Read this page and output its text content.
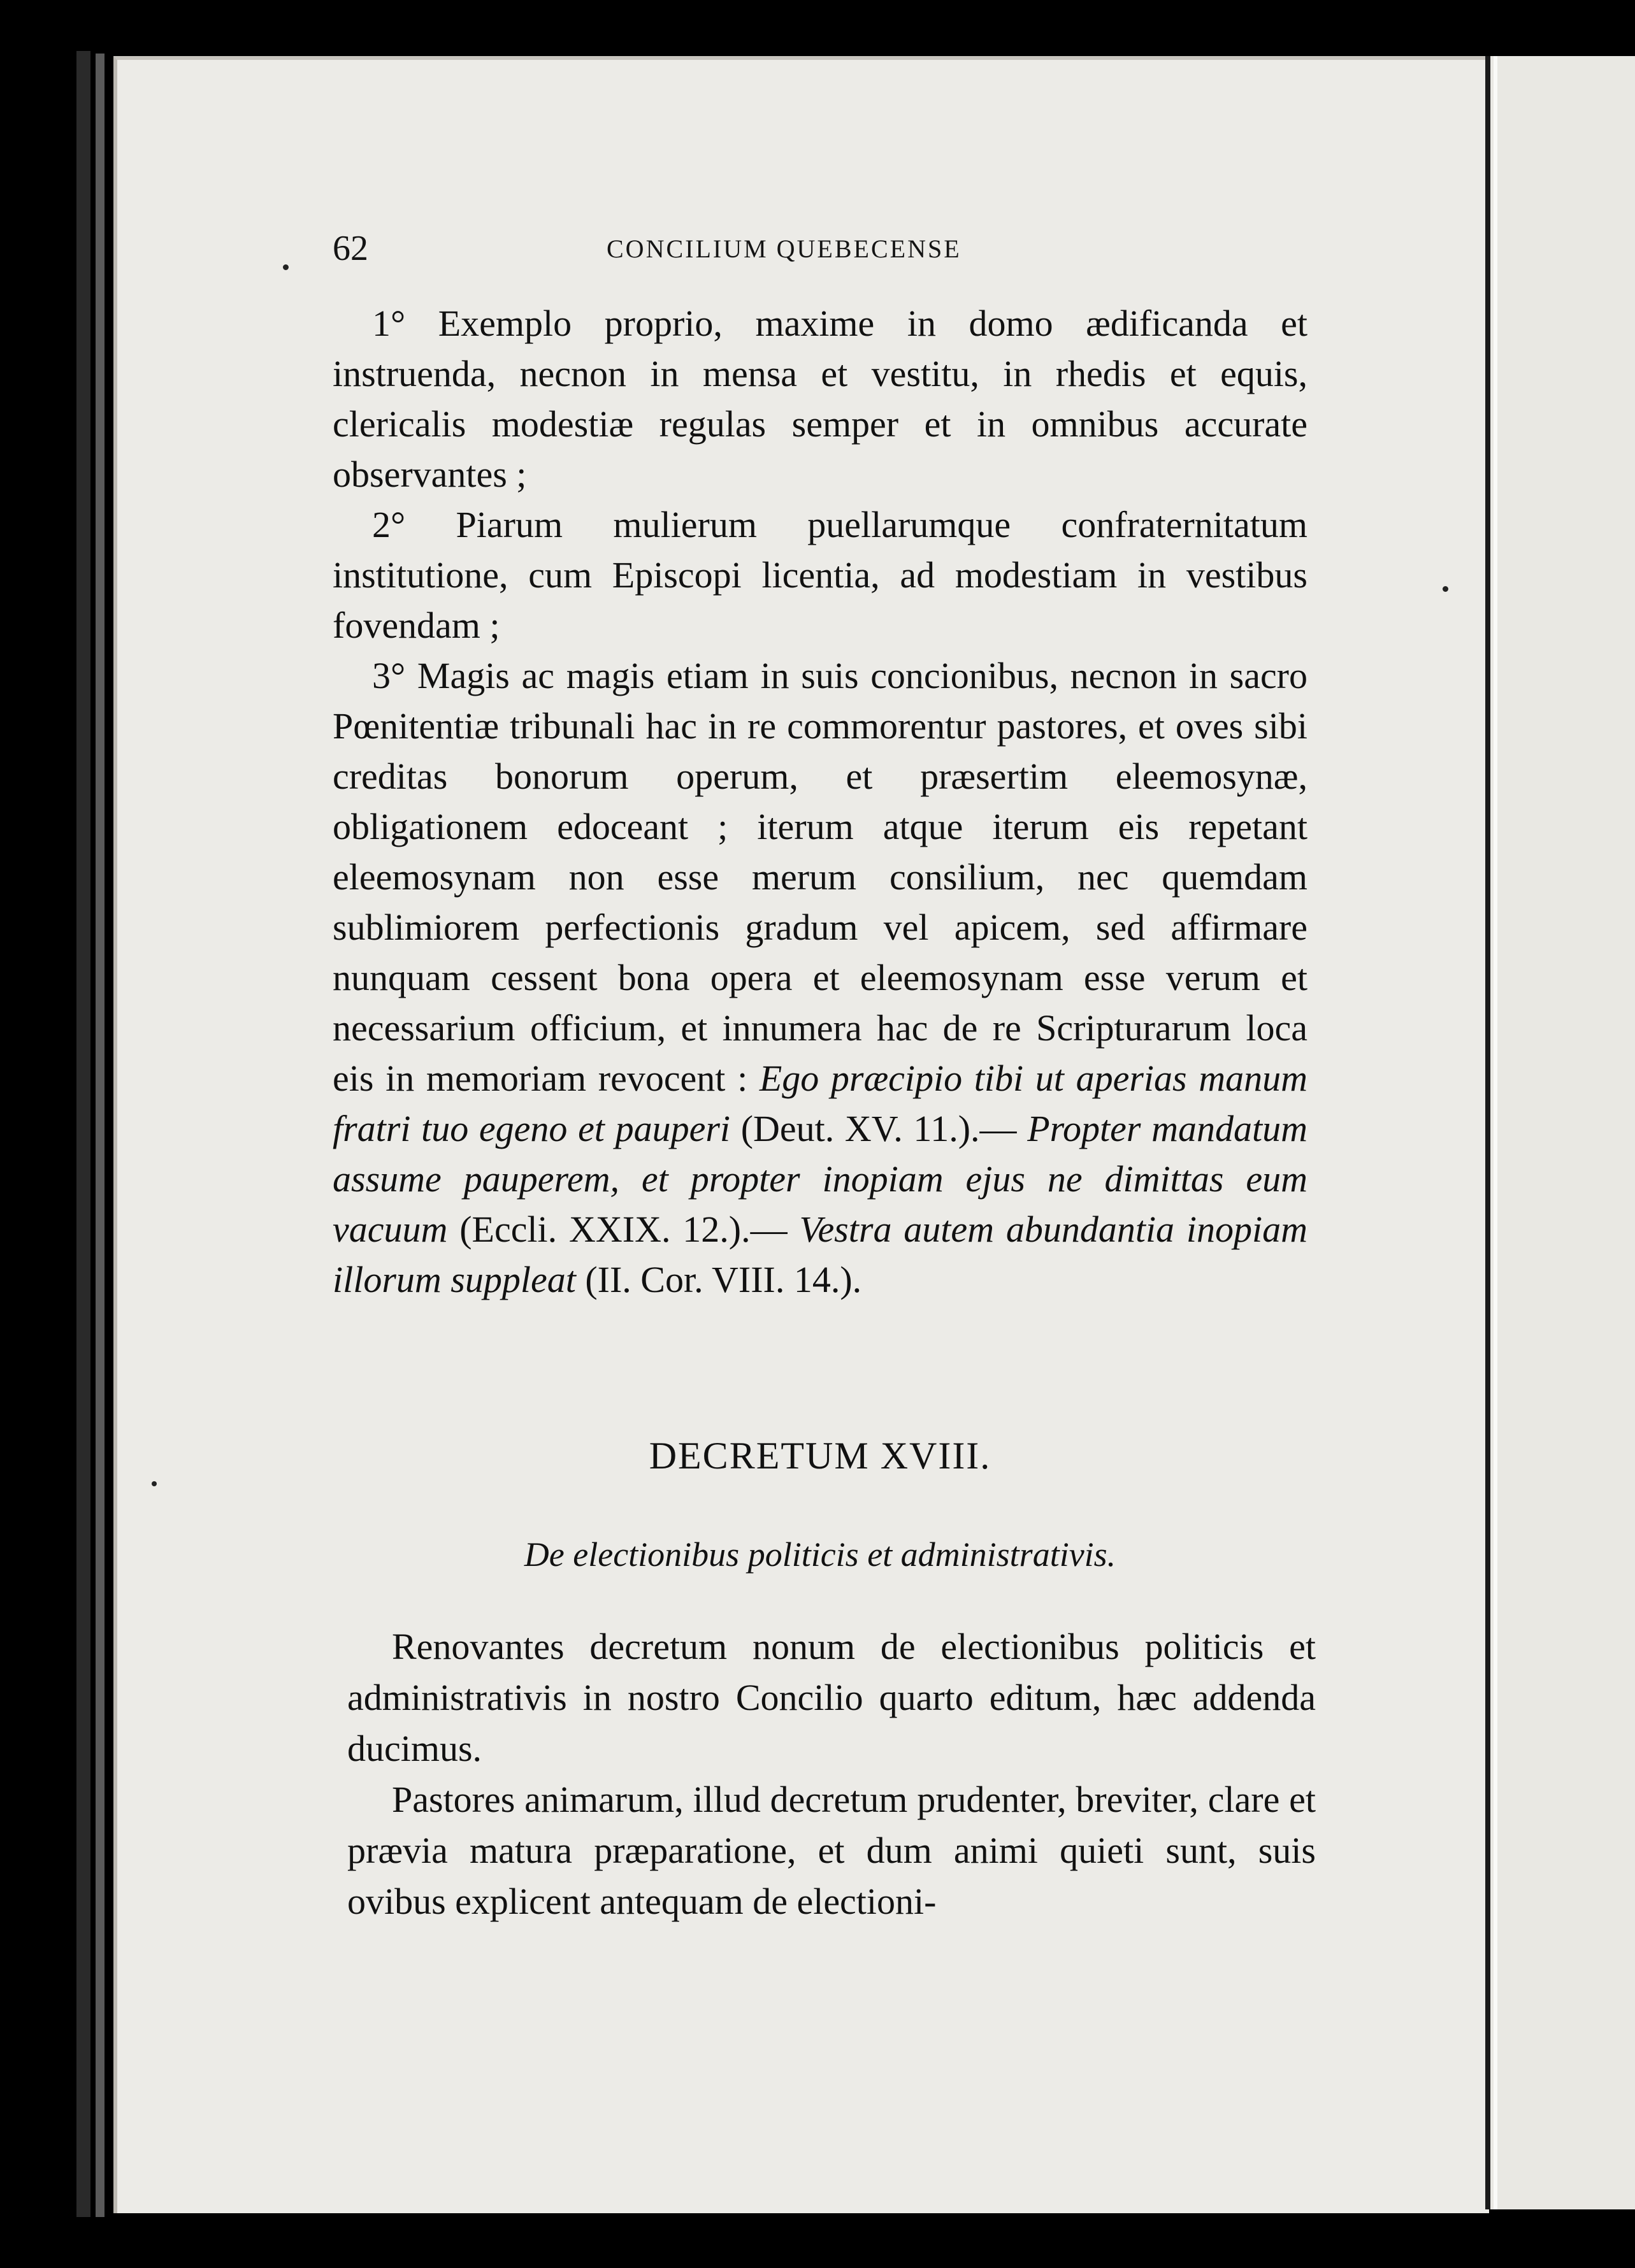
62	CONCILIUM QUEBECENSE

1° Exemplo proprio, maxime in domo ædificanda et instruenda, necnon in mensa et vestitu, in rhedis et equis, clericalis modestiæ regulas semper et in omnibus accurate observantes ;

2° Piarum mulierum puellarumque confraternitatum institutione, cum Episcopi licentia, ad modestiam in vestibus fovendam ;

3° Magis ac magis etiam in suis concionibus, necnon in sacro Pœnitentiæ tribunali hac in re commorentur pastores, et oves sibi creditas bonorum operum, et præsertim eleemosynæ, obligationem edoceant ; iterum atque iterum eis repetant eleemosynam non esse merum consilium, nec quemdam sublimiorem perfectionis gradum vel apicem, sed affirmare nunquam cessent bona opera et eleemosynam esse verum et necessarium officium, et innumera hac de re Scripturarum loca eis in memoriam revocent : Ego præcipio tibi ut aperias manum fratri tuo egeno et pauperi (Deut. XV. 11.).— Propter mandatum assume pauperem, et propter inopiam ejus ne dimittas eum vacuum (Eccli. XXIX. 12.).— Vestra autem abundantia inopiam illorum suppleat (II. Cor. VIII. 14.).

DECRETUM XVIII.
De electionibus politicis et administrativis.

Renovantes decretum nonum de electionibus politicis et administrativis in nostro Concilio quarto editum, hæc addenda ducimus.

Pastores animarum, illud decretum prudenter, breviter, clare et prævia matura præparatione, et dum animi quieti sunt, suis ovibus explicent antequam de electioni-
